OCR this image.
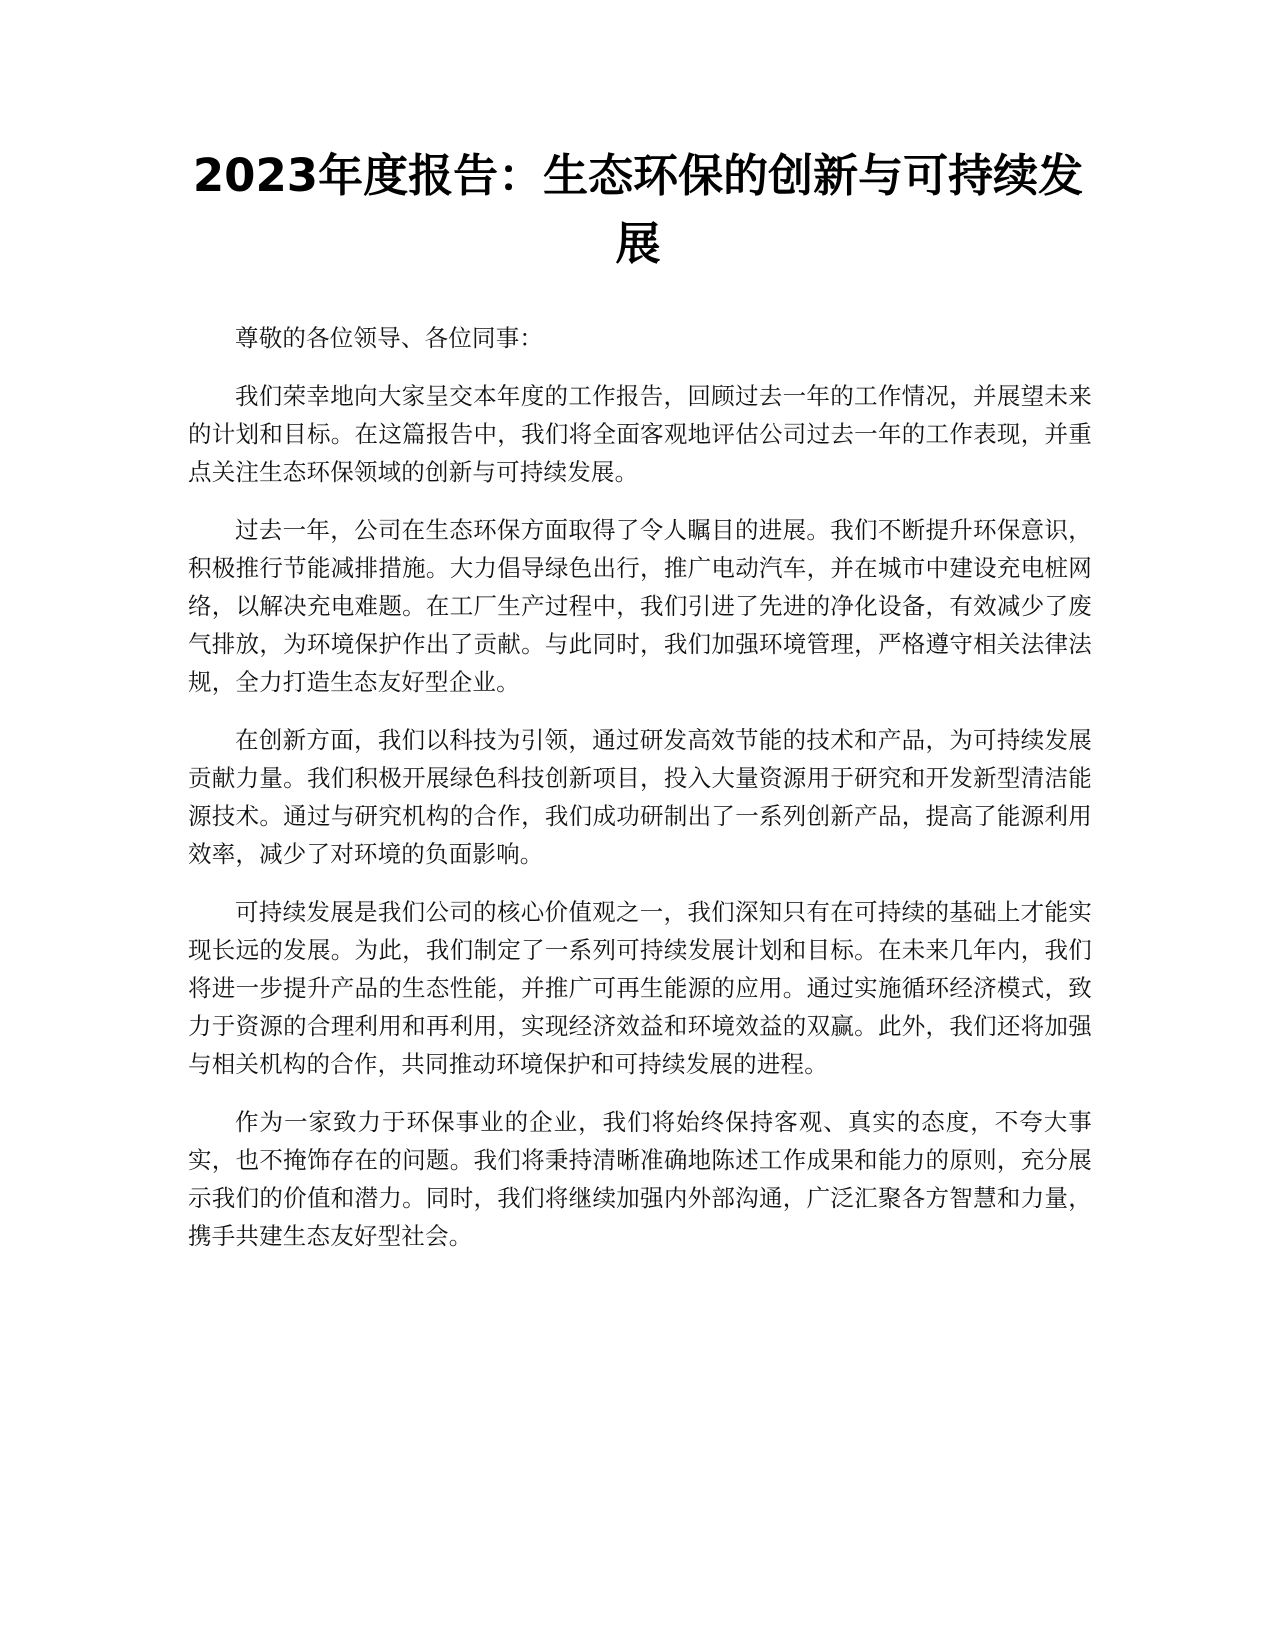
2023年度报告：生态环保的创新与可持续发展

尊敬的各位领导、各位同事：

我们荣幸地向大家呈交本年度的工作报告，回顾过去一年的工作情况，并展望未来的计划和目标。在这篇报告中，我们将全面客观地评估公司过去一年的工作表现，并重点关注生态环保领域的创新与可持续发展。

过去一年，公司在生态环保方面取得了令人瞩目的进展。我们不断提升环保意识，积极推行节能减排措施。大力倡导绿色出行，推广电动汽车，并在城市中建设充电桩网络，以解决充电难题。在工厂生产过程中，我们引进了先进的净化设备，有效减少了废气排放，为环境保护作出了贡献。与此同时，我们加强环境管理，严格遵守相关法律法规，全力打造生态友好型企业。

在创新方面，我们以科技为引领，通过研发高效节能的技术和产品，为可持续发展贡献力量。我们积极开展绿色科技创新项目，投入大量资源用于研究和开发新型清洁能源技术。通过与研究机构的合作，我们成功研制出了一系列创新产品，提高了能源利用效率，减少了对环境的负面影响。

可持续发展是我们公司的核心价值观之一，我们深知只有在可持续的基础上才能实现长远的发展。为此，我们制定了一系列可持续发展计划和目标。在未来几年内，我们将进一步提升产品的生态性能，并推广可再生能源的应用。通过实施循环经济模式，致力于资源的合理利用和再利用，实现经济效益和环境效益的双赢。此外，我们还将加强与相关机构的合作，共同推动环境保护和可持续发展的进程。

作为一家致力于环保事业的企业，我们将始终保持客观、真实的态度，不夸大事实，也不掩饰存在的问题。我们将秉持清晰准确地陈述工作成果和能力的原则，充分展示我们的价值和潜力。同时，我们将继续加强内外部沟通，广泛汇聚各方智慧和力量，携手共建生态友好型社会。
